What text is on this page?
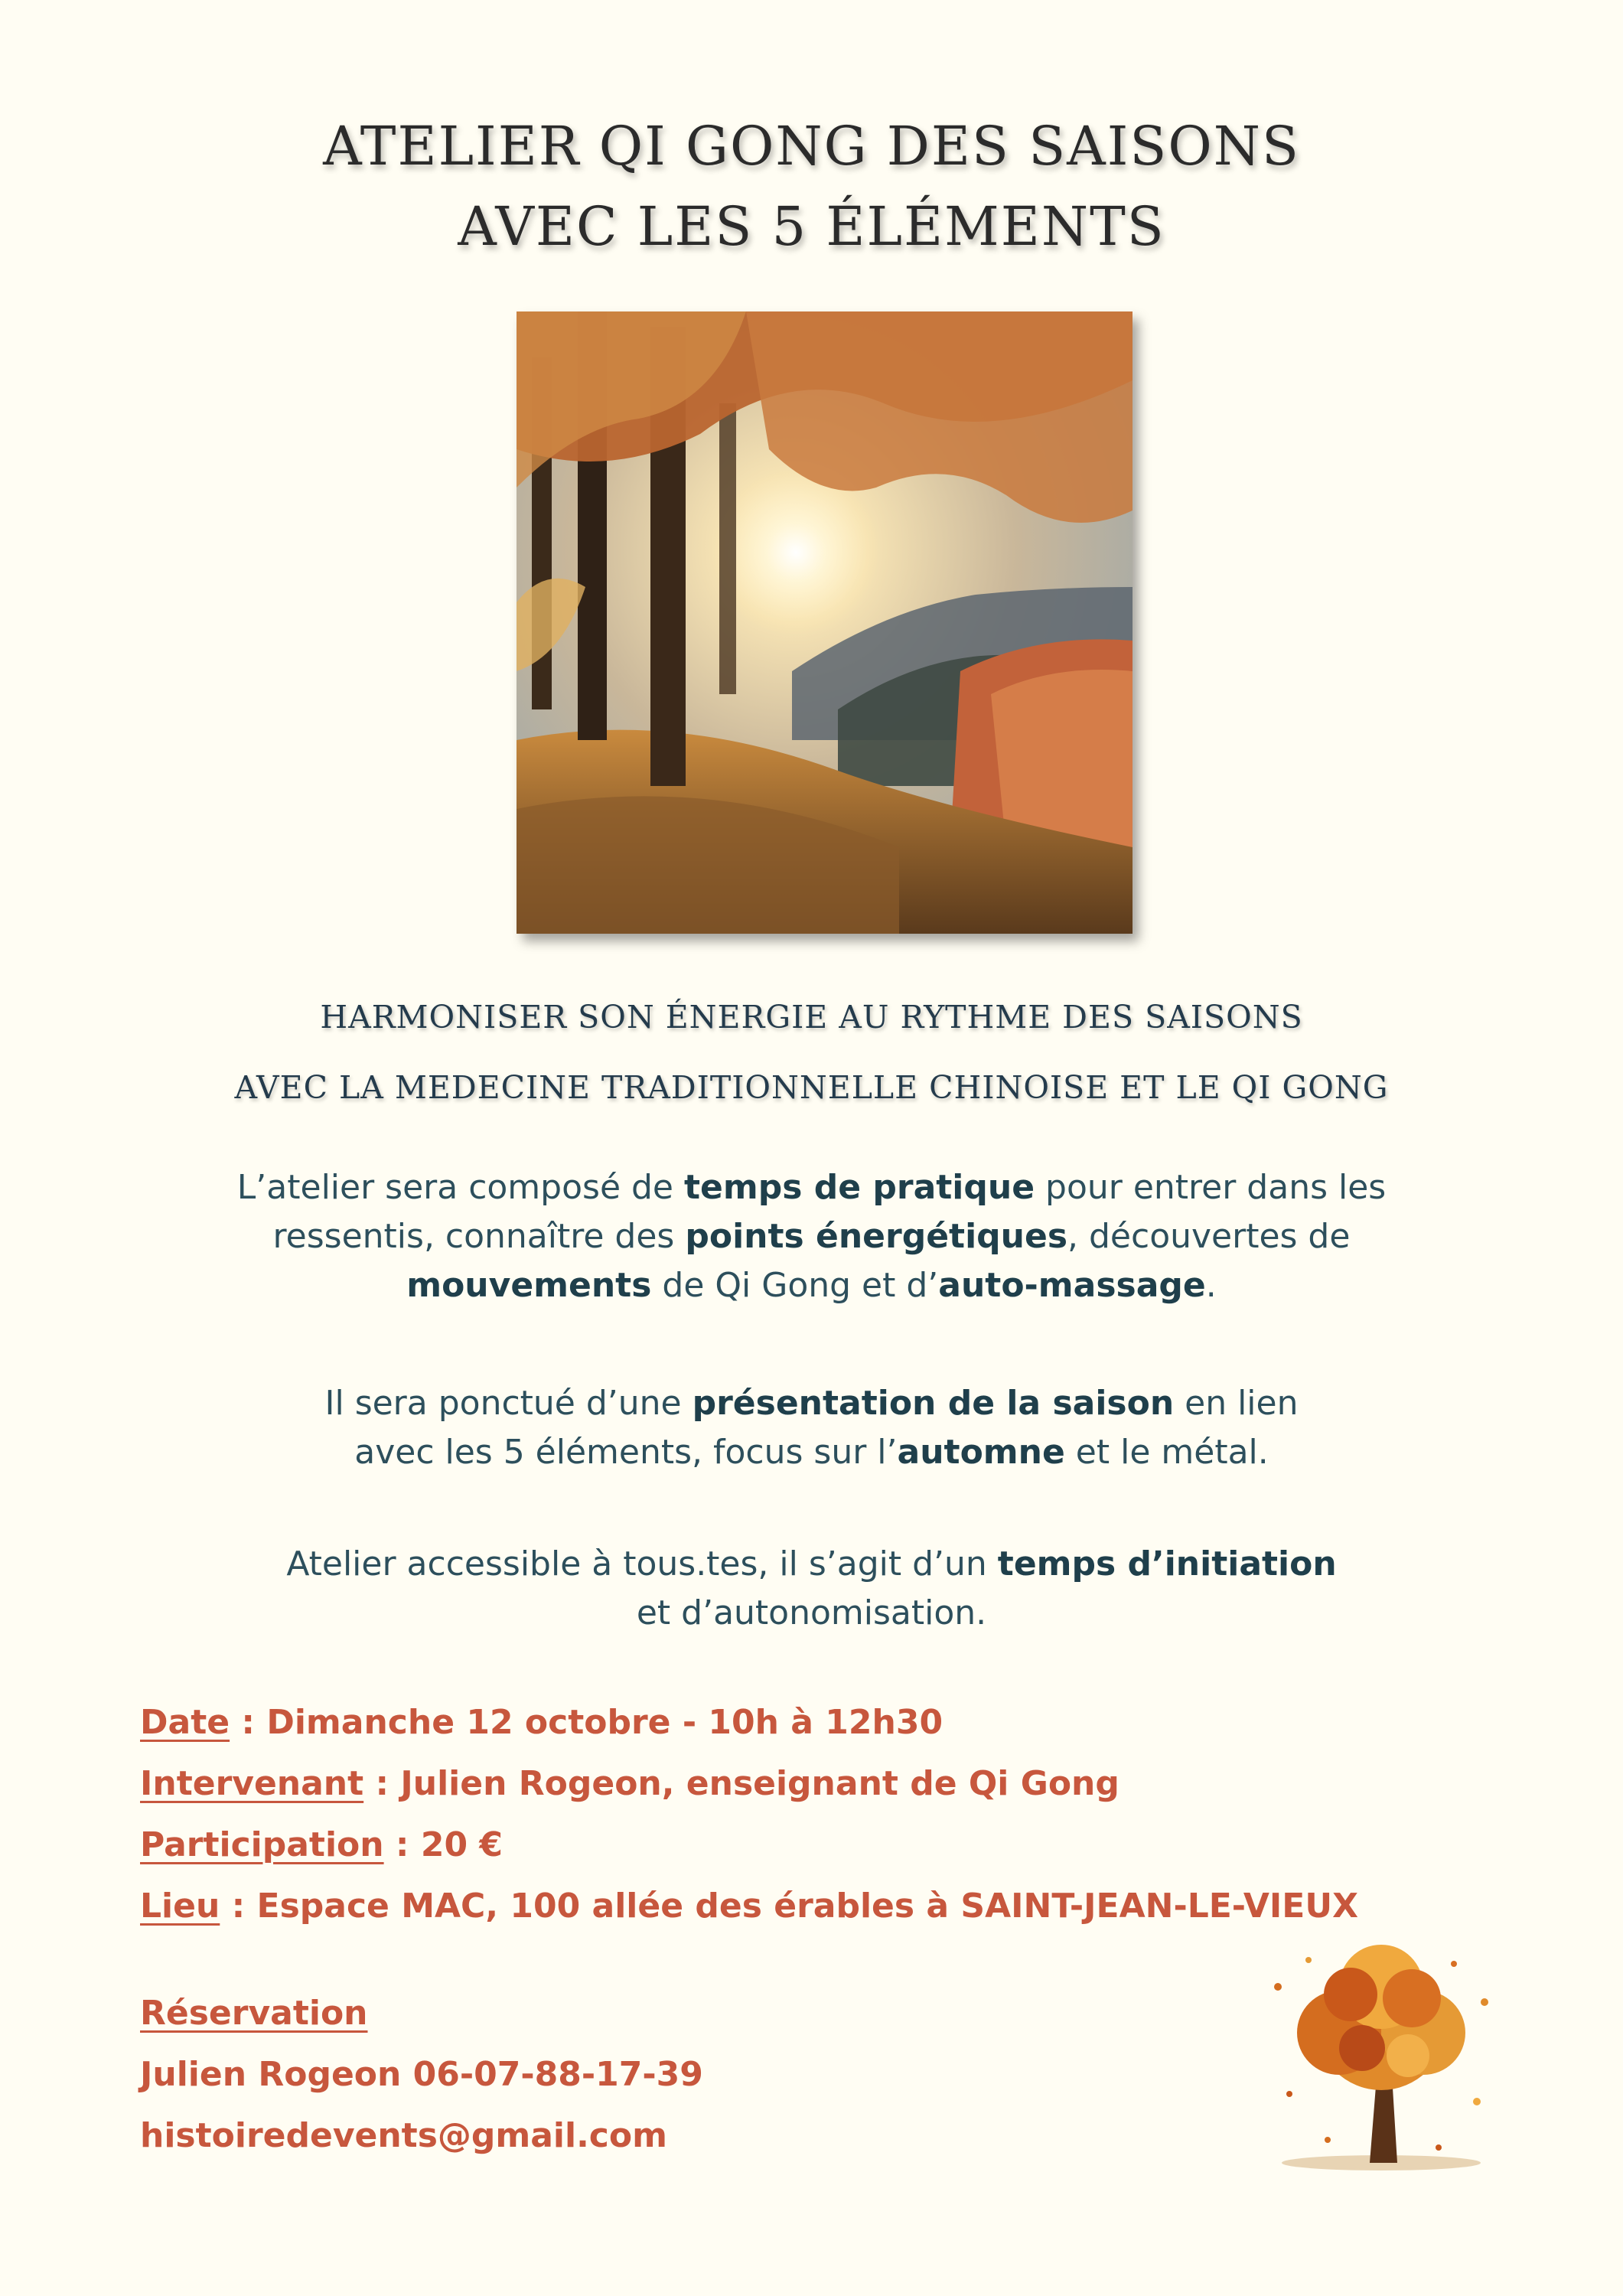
ATELIER QI GONG DES SAISONS
AVEC LES 5 ÉLÉMENTS
HARMONISER SON ÉNERGIE AU RYTHME DES SAISONS
AVEC LA MEDECINE TRADITIONNELLE CHINOISE ET LE QI GONG
L’atelier sera composé de temps de pratique pour entrer dans les
ressentis, connaître des points énergétiques, découvertes de
mouvements de Qi Gong et d’auto-massage.
Il sera ponctué d’une présentation de la saison en lien
avec les 5 éléments, focus sur l’automne et le métal.
Atelier accessible à tous.tes, il s’agit d’un temps d’initiation
et d’autonomisation.
Date : Dimanche 12 octobre - 10h à 12h30
Intervenant : Julien Rogeon, enseignant de Qi Gong
Participation : 20 €
Lieu : Espace MAC, 100 allée des érables à SAINT-JEAN-LE-VIEUX
Réservation
Julien Rogeon 06-07-88-17-39
histoiredevents@gmail.com
